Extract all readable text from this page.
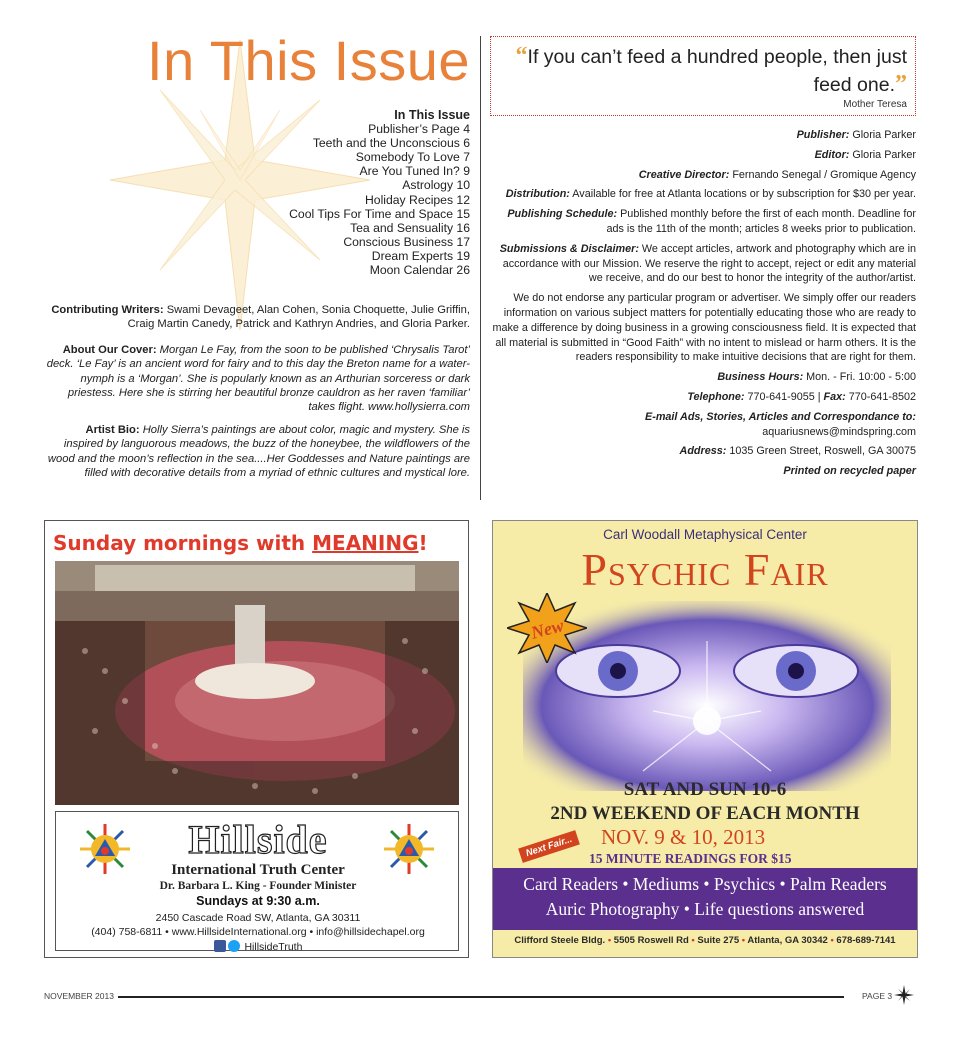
In This Issue
In This Issue
Publisher’s Page 4
Teeth and the Unconscious 6
Somebody To Love 7
Are You Tuned In? 9
Astrology 10
Holiday Recipes 12
Cool Tips For Time and Space 15
Tea and Sensuality 16
Conscious Business 17
Dream Experts 19
Moon Calendar 26
Contributing Writers: Swami Devageet, Alan Cohen, Sonia Choquette, Julie Griffin, Craig Martin Canedy, Patrick and Kathryn Andries, and Gloria Parker.
About Our Cover: Morgan Le Fay, from the soon to be published ‘Chrysalis Tarot’ deck. ‘Le Fay’ is an ancient word for fairy and to this day the Breton name for a water-nymph is a ‘Morgan’. She is popularly known as an Arthurian sorceress or dark priestess. Here she is stirring her beautiful bronze cauldron as her raven ‘familiar’ takes flight. www.hollysierra.com
Artist Bio: Holly Sierra’s paintings are about color, magic and mystery. She is inspired by languorous meadows, the buzz of the honeybee, the wildflowers of the wood and the moon’s reflection in the sea....Her Goddesses and Nature paintings are filled with decorative details from a myriad of ethnic cultures and mystical lore.
“If you can’t feed a hundred people, then just feed one.”
Mother Teresa

Publisher: Gloria Parker

Editor: Gloria Parker

Creative Director: Fernando Senegal / Gromique Agency

Distribution: Available for free at Atlanta locations or by subscription for $30 per year.

Publishing Schedule: Published monthly before the first of each month. Deadline for ads is the 11th of the month; articles 8 weeks prior to publication.

Submissions & Disclaimer: We accept articles, artwork and photography which are in accordance with our Mission. We reserve the right to accept, reject or edit any material we receive, and do our best to honor the integrity of the author/artist.

We do not endorse any particular program or advertiser. We simply offer our readers information on various subject matters for potentially educating those who are ready to make a difference by doing business in a growing consciousness field. It is expected that all material is submitted in “Good Faith” with no intent to mislead or harm others. It is the readers responsibility to make intuitive decisions that are right for them.

Business Hours: Mon. - Fri. 10:00 - 5:00

Telephone: 770-641-9055 | Fax: 770-641-8502

E-mail Ads, Stories, Articles and Correspondance to:

aquariusnews@mindspring.com

Address: 1035 Green Street, Roswell, GA 30075

Printed on recycled paper

Sunday mornings with MEANING!
Hillside
International Truth Center
Dr. Barbara L. King - Founder Minister
Sundays at 9:30 a.m.
2450 Cascade Road SW, Atlanta, GA 30311
(404) 758-6811 • www.HillsideInternational.org • info@hillsidechapel.org
HillsideTruth
Carl Woodall Metaphysical Center
Psychic Fair
New
SAT AND SUN 10-6
2ND WEEKEND OF EACH MONTH
Next Fair...	NOV. 9 & 10, 2013
15 MINUTE READINGS FOR $15
Card Readers • Mediums • Psychics • Palm Readers
Auric Photography • Life questions answered
Clifford Steele Bldg. • 5505 Roswell Rd • Suite 275 • Atlanta, GA 30342 • 678-689-7141
NOVEMBER 2013	PAGE 3
